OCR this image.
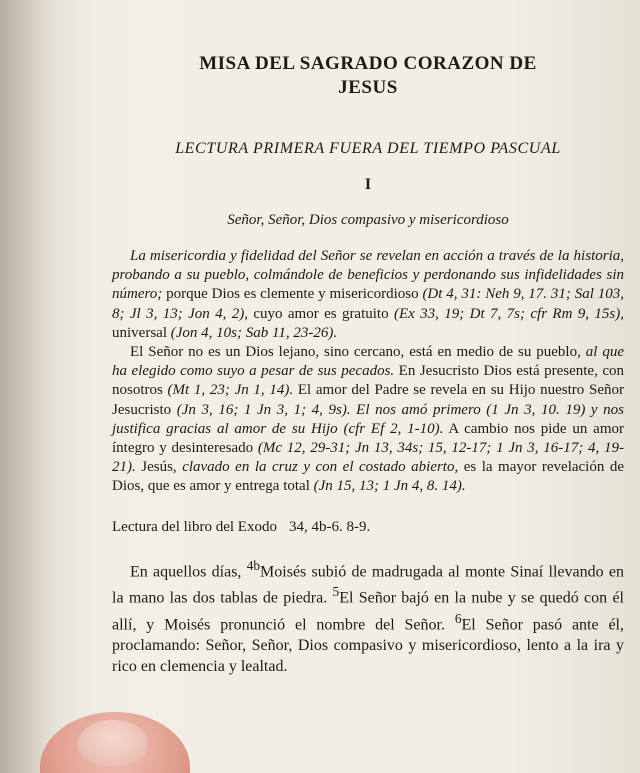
MISA DEL SAGRADO CORAZON DE
JESUS
LECTURA PRIMERA FUERA DEL TIEMPO PASCUAL
I
Señor, Señor, Dios compasivo y misericordioso

La misericordia y fidelidad del Señor se revelan en acción a través de la historia, probando a su pueblo, colmándole de beneficios y perdonando sus infidelidades sin número; porque Dios es clemente y misericordioso (Dt 4, 31: Neh 9, 17. 31; Sal 103, 8; Jl 3, 13; Jon 4, 2), cuyo amor es gratuito (Ex 33, 19; Dt 7, 7s; cfr Rm 9, 15s), universal (Jon 4, 10s; Sab 11, 23-26).

El Señor no es un Dios lejano, sino cercano, está en medio de su pueblo, al que ha elegido como suyo a pesar de sus pecados. En Jesucristo Dios está presente, con nosotros (Mt 1, 23; Jn 1, 14). El amor del Padre se revela en su Hijo nuestro Señor Jesucristo (Jn 3, 16; 1 Jn 3, 1; 4, 9s). El nos amó primero (1 Jn 3, 10. 19) y nos justifica gracias al amor de su Hijo (cfr Ef 2, 1-10). A cambio nos pide un amor íntegro y desinteresado (Mc 12, 29-31; Jn 13, 34s; 15, 12-17; 1 Jn 3, 16-17; 4, 19-21). Jesús, clavado en la cruz y con el costado abierto, es la mayor revelación de Dios, que es amor y entrega total (Jn 15, 13; 1 Jn 4, 8. 14).

Lectura del libro del Exodo 34, 4b-6. 8-9.

En aquellos días, $^{4b}$Moisés subió de madrugada al monte Sinaí llevando en la mano las dos tablas de piedra. $^5$El Señor bajó en la nube y se quedó con él allí, y Moisés pronunció el nombre del Señor. $^6$El Señor pasó ante él, proclamando: Señor, Señor, Dios compasivo y misericordioso, lento a la ira y rico en clemencia y lealtad.
